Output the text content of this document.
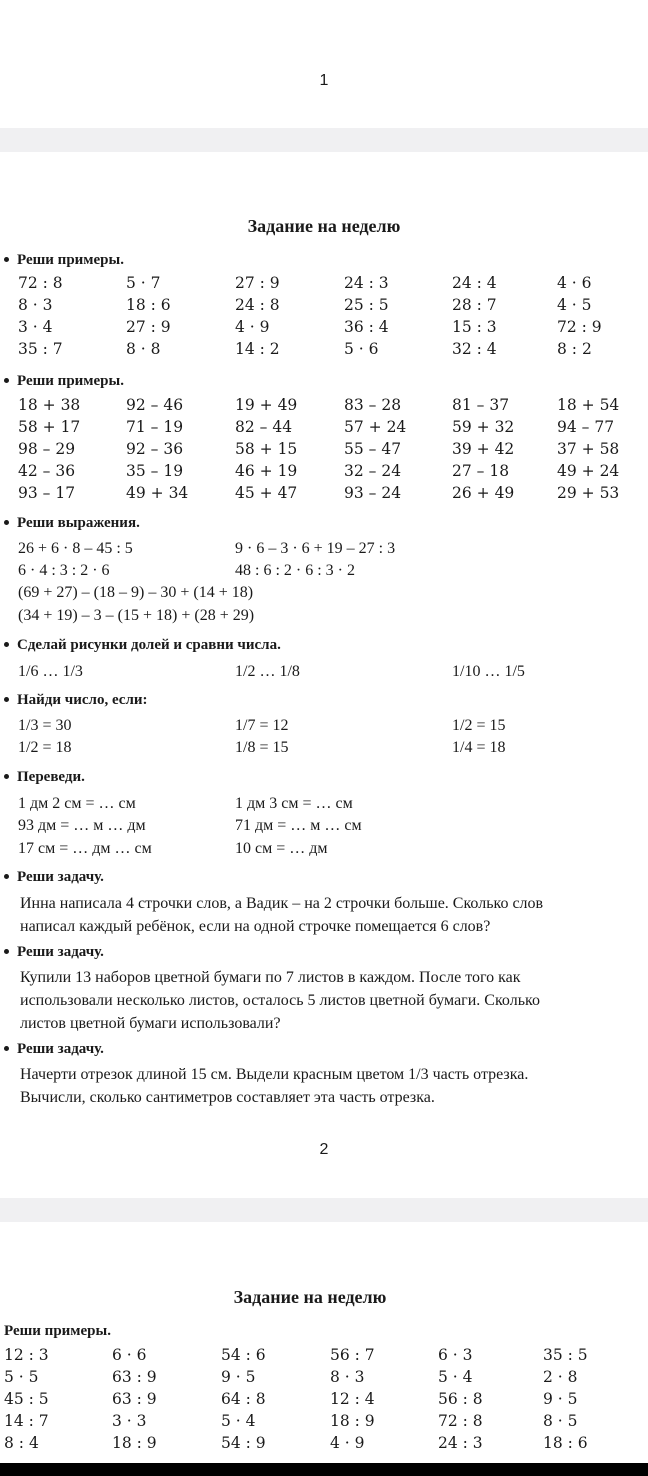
1
Задание на неделю
Реши примеры.
72 : 8	5 · 7	27 : 9	24 : 3	24 : 4	4 · 6
8 · 3	18 : 6	24 : 8	25 : 5	28 : 7	4 · 5
3 · 4	27 : 9	4 · 9	36 : 4	15 : 3	72 : 9
35 : 7	8 · 8	14 : 2	5 · 6	32 : 4	8 : 2
Реши примеры.
18 + 38	92 – 46	19 + 49	83 – 28	81 – 37	18 + 54
58 + 17	71 – 19	82 – 44	57 + 24	59 + 32	94 – 77
98 – 29	92 – 36	58 + 15	55 – 47	39 + 42	37 + 58
42 – 36	35 – 19	46 + 19	32 – 24	27 – 18	49 + 24
93 – 17	49 + 34	45 + 47	93 – 24	26 + 49	29 + 53
Реши выражения.
26 + 6 · 8 – 45 : 5	9 · 6 – 3 · 6 + 19 – 27 : 3
6 · 4 : 3 : 2 · 6	48 : 6 : 2 · 6 : 3 · 2
(69 + 27) – (18 – 9) – 30 + (14 + 18)
(34 + 19) – 3 – (15 + 18) + (28 + 29)
Сделай рисунки долей и сравни числа.
1/6 … 1/3	1/2 … 1/8	1/10 … 1/5
Найди число, если:
1/3 = 30	1/7 = 12	1/2 = 15
1/2 = 18	1/8 = 15	1/4 = 18
Переведи.
1 дм 2 см = … см	1 дм 3 см = … см
93 дм = … м … дм	71 дм = … м … см
17 см = … дм … см	10 см = … дм
Реши задачу.
Инна написала 4 строчки слов, а Вадик – на 2 строчки больше. Сколько слов
написал каждый ребёнок, если на одной строчке помещается 6 слов?
Реши задачу.
Купили 13 наборов цветной бумаги по 7 листов в каждом. После того как
использовали несколько листов, осталось 5 листов цветной бумаги. Сколько
листов цветной бумаги использовали?
Реши задачу.
Начерти отрезок длиной 15 см. Выдели красным цветом 1/3 часть отрезка.
Вычисли, сколько сантиметров составляет эта часть отрезка.
2
Задание на неделю
Реши примеры.
12 : 3	6 · 6	54 : 6	56 : 7	6 · 3	35 : 5
5 · 5	63 : 9	9 · 5	8 · 3	5 · 4	2 · 8
45 : 5	63 : 9	64 : 8	12 : 4	56 : 8	9 · 5
14 : 7	3 · 3	5 · 4	18 : 9	72 : 8	8 · 5
8 : 4	18 : 9	54 : 9	4 · 9	24 : 3	18 : 6
